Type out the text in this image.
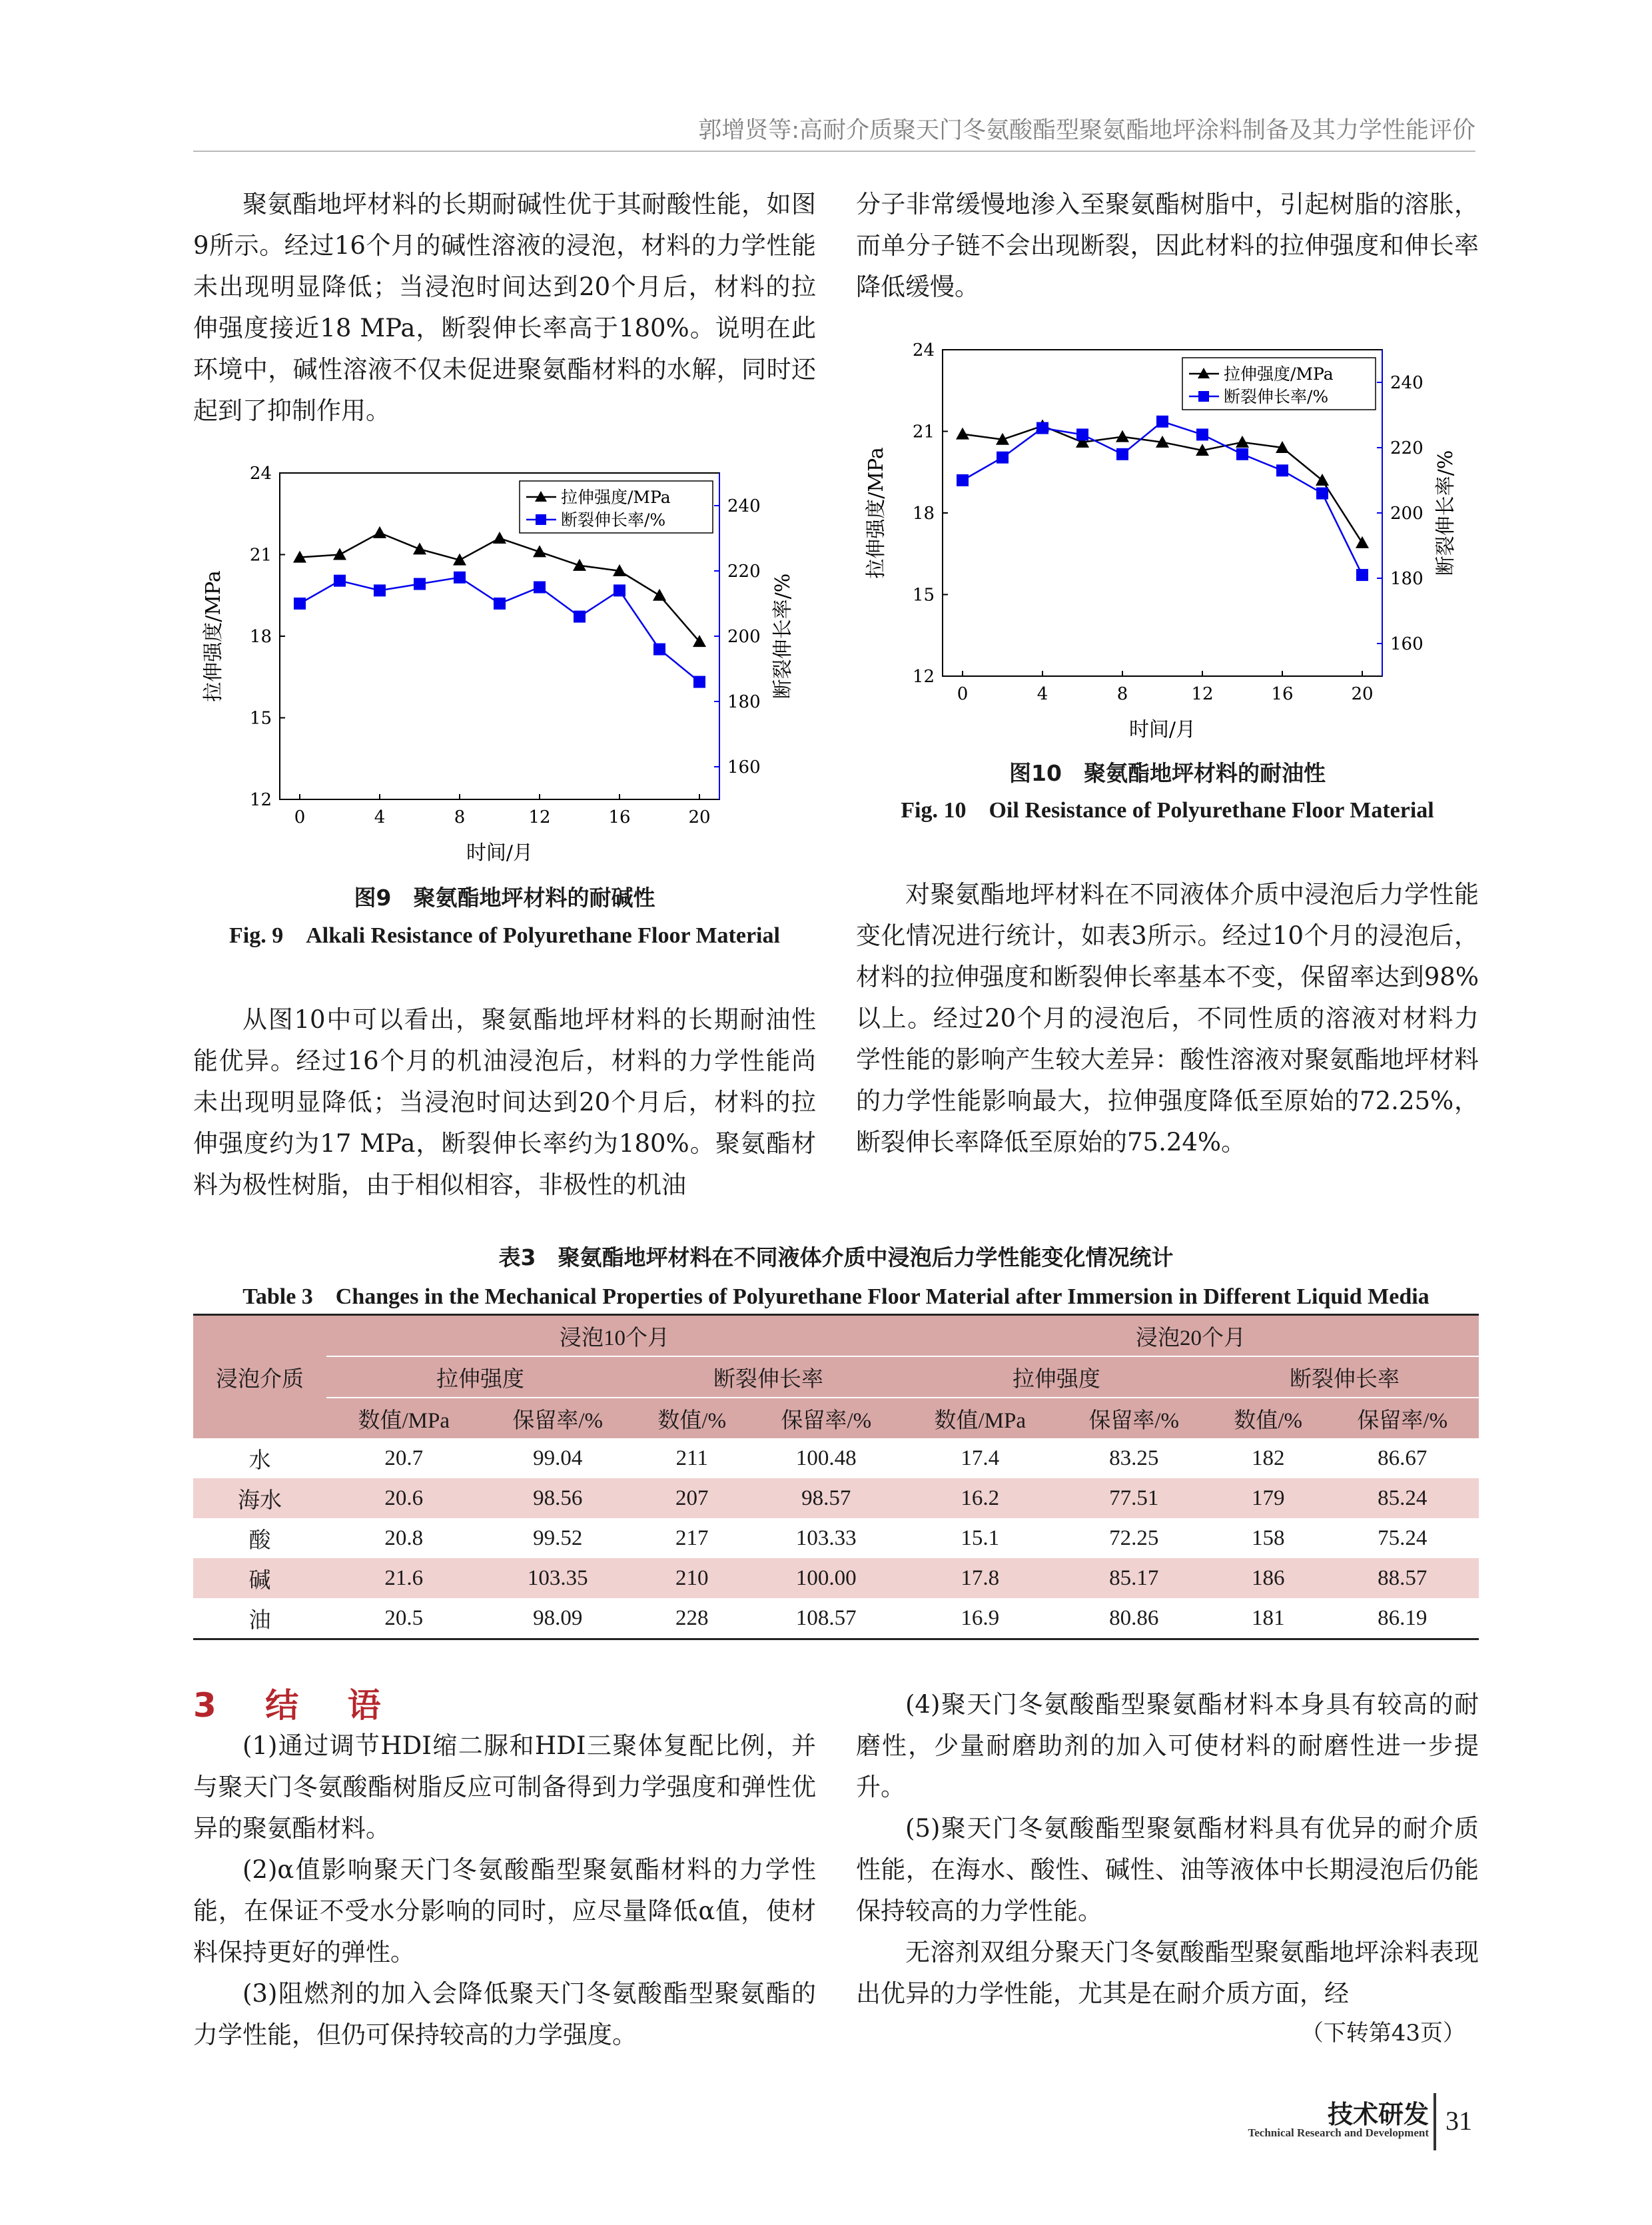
郭增贤等:高耐介质聚天门冬氨酸酯型聚氨酯地坪涂料制备及其力学性能评价

聚氨酯地坪材料的长期耐碱性优于其耐酸性能，如图9所示。经过16个月的碱性溶液的浸泡，材料的力学性能未出现明显降低；当浸泡时间达到20个月后，材料的拉伸强度接近18 MPa，断裂伸长率高于180%。说明在此环境中，碱性溶液不仅未促进聚氨酯材料的水解，同时还起到了抑制作用。

分子非常缓慢地渗入至聚氨酯树脂中，引起树脂的溶胀，而单分子链不会出现断裂，因此材料的拉伸强度和伸长率降低缓慢。

0	4	8	12	16	20
12
15
18
21
24
160
180
200
220
240
时间/月
拉伸强度/MPa	断裂伸长率/%
拉伸强度/MPa
断裂伸长率/%
图9　聚氨酯地坪材料的耐碱性
Fig. 9　Alkali Resistance of Polyurethane Floor Material
0	4	8	12	16	20
12
15
18
21
24
160
180
200
220
240
时间/月
拉伸强度/MPa	断裂伸长率/%
拉伸强度/MPa
断裂伸长率/%
图10　聚氨酯地坪材料的耐油性
Fig. 10　Oil Resistance of Polyurethane Floor Material

从图10中可以看出，聚氨酯地坪材料的长期耐油性能优异。经过16个月的机油浸泡后，材料的力学性能尚未出现明显降低；当浸泡时间达到20个月后，材料的拉伸强度约为17 MPa，断裂伸长率约为180%。聚氨酯材料为极性树脂，由于相似相容，非极性的机油

对聚氨酯地坪材料在不同液体介质中浸泡后力学性能变化情况进行统计，如表3所示。经过10个月的浸泡后，材料的拉伸强度和断裂伸长率基本不变，保留率达到98%以上。经过20个月的浸泡后，不同性质的溶液对材料力学性能的影响产生较大差异：酸性溶液对聚氨酯地坪材料的力学性能影响最大，拉伸强度降低至原始的72.25%，断裂伸长率降低至原始的75.24%。

表3　聚氨酯地坪材料在不同液体介质中浸泡后力学性能变化情况统计
Table 3　Changes in the Mechanical Properties of Polyurethane Floor Material after Immersion in Different Liquid Media
浸泡介质	浸泡10个月				浸泡20个月			
	拉伸强度		断裂伸长率		拉伸强度		断裂伸长率	
	数值/MPa	保留率/%	数值/%	保留率/%	数值/MPa	保留率/%	数值/%	保留率/%
水	20.7	99.04	211	100.48	17.4	83.25	182	86.67
海水	20.6	98.56	207	98.57	16.2	77.51	179	85.24
酸	20.8	99.52	217	103.33	15.1	72.25	158	75.24
碱	21.6	103.35	210	100.00	17.8	85.17	186	88.57
油	20.5	98.09	228	108.57	16.9	80.86	181	86.19
3 结 语

(1)通过调节HDI缩二脲和HDI三聚体复配比例，并与聚天门冬氨酸酯树脂反应可制备得到力学强度和弹性优异的聚氨酯材料。

(2)α值影响聚天门冬氨酸酯型聚氨酯材料的力学性能，在保证不受水分影响的同时，应尽量降低α值，使材料保持更好的弹性。

(3)阻燃剂的加入会降低聚天门冬氨酸酯型聚氨酯的力学性能，但仍可保持较高的力学强度。

(4)聚天门冬氨酸酯型聚氨酯材料本身具有较高的耐磨性，少量耐磨助剂的加入可使材料的耐磨性进一步提升。

(5)聚天门冬氨酸酯型聚氨酯材料具有优异的耐介质性能，在海水、酸性、碱性、油等液体中长期浸泡后仍能保持较高的力学性能。

无溶剂双组分聚天门冬氨酸酯型聚氨酯地坪涂料表现出优异的力学性能，尤其是在耐介质方面，经

（下转第43页）
技术研发
Technical Research and Development 31
